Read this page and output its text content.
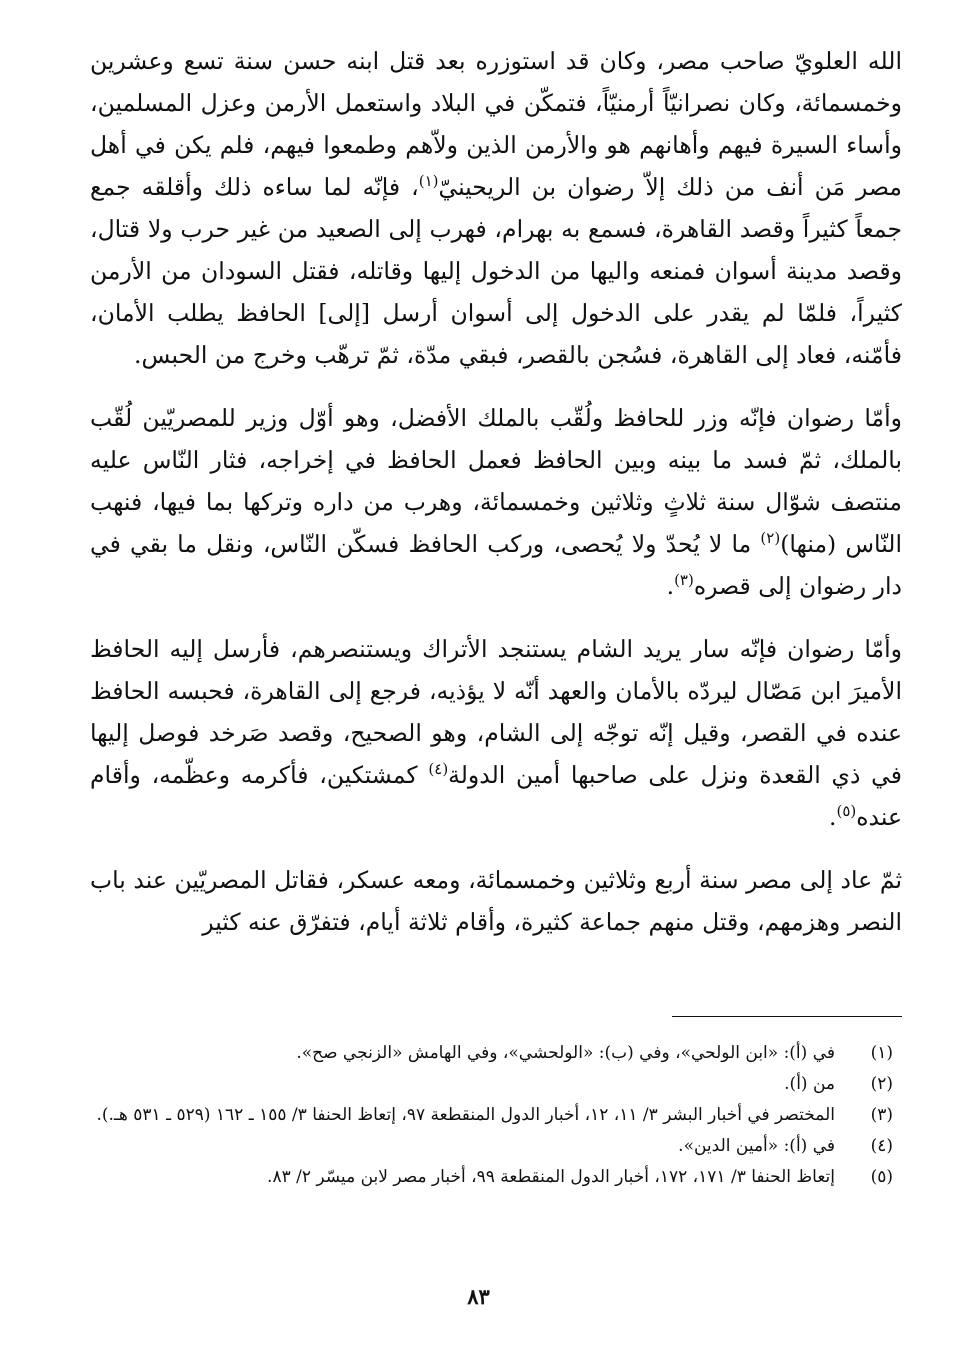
الله العلويّ صاحب مصر، وكان قد استوزره بعد قتل ابنه حسن سنة تسع وعشرين وخمسمائة، وكان نصرانيّاً أرمنيّاً، فتمكّن في البلاد واستعمل الأرمن وعزل المسلمين، وأساء السيرة فيهم وأهانهم هو والأرمن الذين ولاّهم وطمعوا فيهم، فلم يكن في أهل مصر مَن أنف من ذلك إلاّ رضوان بن الريحينيّ$^{(١)}$، فإنّه لما ساءه ذلك وأقلقه جمع جمعاً كثيراً وقصد القاهرة، فسمع به بهرام، فهرب إلى الصعيد من غير حرب ولا قتال، وقصد مدينة أسوان فمنعه واليها من الدخول إليها وقاتله، فقتل السودان من الأرمن كثيراً، فلمّا لم يقدر على الدخول إلى أسوان أرسل [إلى] الحافظ يطلب الأمان، فأمّنه، فعاد إلى القاهرة، فسُجن بالقصر، فبقي مدّة، ثمّ ترهّب وخرج من الحبس.

وأمّا رضوان فإنّه وزر للحافظ ولُقّب بالملك الأفضل، وهو أوّل وزير للمصريّين لُقّب بالملك، ثمّ فسد ما بينه وبين الحافظ فعمل الحافظ في إخراجه، فثار النّاس عليه منتصف شوّال سنة ثلاثٍ وثلاثين وخمسمائة، وهرب من داره وتركها بما فيها، فنهب النّاس (منها)$^{(٢)}$ ما لا يُحدّ ولا يُحصى، وركب الحافظ فسكّن النّاس، ونقل ما بقي في دار رضوان إلى قصره$^{(٣)}$.

وأمّا رضوان فإنّه سار يريد الشام يستنجد الأتراك ويستنصرهم، فأرسل إليه الحافظ الأميرَ ابن مَصّال ليردّه بالأمان والعهد أنّه لا يؤذيه، فرجع إلى القاهرة، فحبسه الحافظ عنده في القصر، وقيل إنّه توجّه إلى الشام، وهو الصحيح، وقصد صَرخد فوصل إليها في ذي القعدة ونزل على صاحبها أمين الدولة$^{(٤)}$ كمشتكين، فأكرمه وعظّمه، وأقام عنده$^{(٥)}$.

ثمّ عاد إلى مصر سنة أربع وثلاثين وخمسمائة، ومعه عسكر، فقاتل المصريّين عند باب النصر وهزمهم، وقتل منهم جماعة كثيرة، وأقام ثلاثة أيام، فتفرّق عنه كثير

(١)
في (أ): «ابن الولحي»، وفي (ب): «الولحشي»، وفي الهامش «الزنجي صح».
(٢)
من (أ).
(٣)
المختصر في أخبار البشر ٣/ ١١، ١٢، أخبار الدول المنقطعة ٩٧، إتعاظ الحنفا ٣/ ١٥٥ ـ ١٦٢ (٥٢٩ ـ ٥٣١ هـ.).
(٤)
في (أ): «أمين الدين».
(٥)
إتعاظ الحنفا ٣/ ١٧١، ١٧٢، أخبار الدول المنقطعة ٩٩، أخبار مصر لابن ميسّر ٢/ ٨٣.
٨٣
